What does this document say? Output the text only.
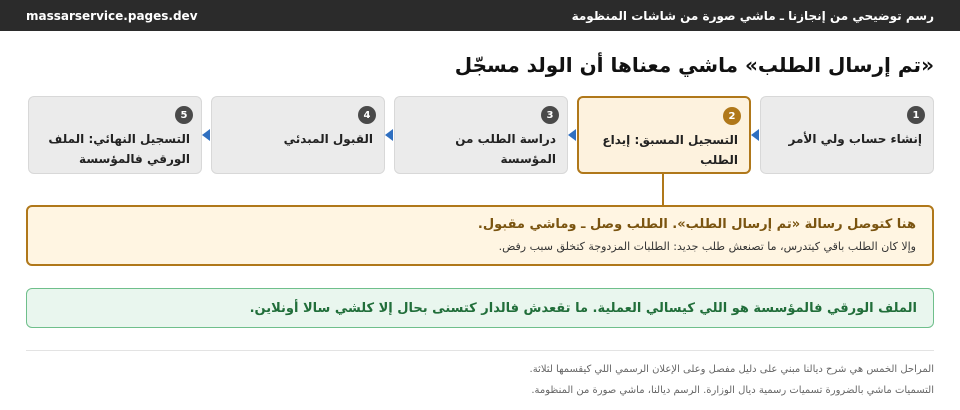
رسم توضيحي من إنجازنا ـ ماشي صورة من شاشات المنظومة
massarservice.pages.dev
«تم إرسال الطلب» ماشي معناها أن الولد مسجّل
1
إنشاء حساب ولي الأمر
2
التسجيل المسبق: إيداع الطلب
3
دراسة الطلب من المؤسسة
4
القبول المبدئي
5
التسجيل النهائي: الملف الورقي فالمؤسسة
هنا كتوصل رسالة «تم إرسال الطلب». الطلب وصل ـ وماشي مقبول.
وإلا كان الطلب باقي كيتدرس، ما تصنعش طلب جديد: الطلبات المزدوجة كتخلق سبب رفض.
الملف الورقي فالمؤسسة هو اللي كيسالي العملية. ما تقعدش فالدار كتسنى بحال إلا كلشي سالا أونلاين.
المراحل الخمس هي شرح ديالنا مبني على دليل مفصل وعلى الإعلان الرسمي اللي كيقسمها لثلاثة.
التسميات ماشي بالضرورة تسميات رسمية ديال الوزارة. الرسم ديالنا، ماشي صورة من المنظومة.
